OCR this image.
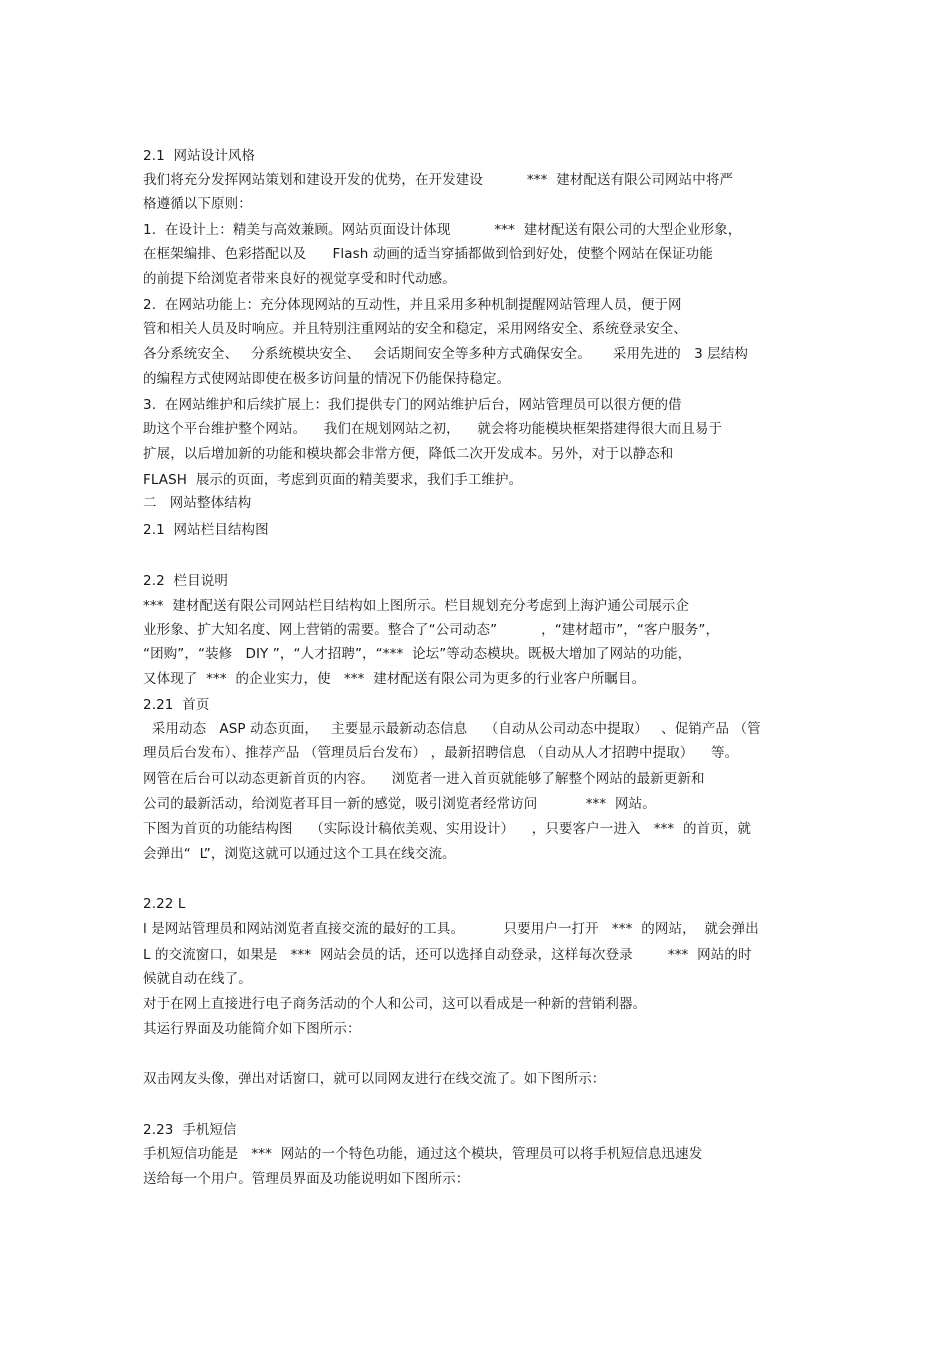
2.1  网站设计风格
我们将充分发挥网站策划和建设开发的优势，在开发建设          ***  建材配送有限公司网站中将严
格遵循以下原则：
1.  在设计上：精美与高效兼顾。网站页面设计体现          ***  建材配送有限公司的大型企业形象，
在框架编排、色彩搭配以及      Flash 动画的适当穿插都做到恰到好处，使整个网站在保证功能
的前提下给浏览者带来良好的视觉享受和时代动感。
2.  在网站功能上：充分体现网站的互动性，并且采用多种机制提醒网站管理人员，便于网
管和相关人员及时响应。并且特别注重网站的安全和稳定，采用网络安全、系统登录安全、
各分系统安全、   分系统模块安全、   会话期间安全等多种方式确保安全。     采用先进的   3 层结构
的编程方式使网站即使在极多访问量的情况下仍能保持稳定。
3.  在网站维护和后续扩展上：我们提供专门的网站维护后台，网站管理员可以很方便的借
助这个平台维护整个网站。    我们在规划网站之初，    就会将功能模块框架搭建得很大而且易于
扩展，以后增加新的功能和模块都会非常方便，降低二次开发成本。另外，对于以静态和
FLASH  展示的页面，考虑到页面的精美要求，我们手工维护。
二   网站整体结构
2.1  网站栏目结构图
2.2  栏目说明
***  建材配送有限公司网站栏目结构如上图所示。栏目规划充分考虑到上海沪通公司展示企
业形象、扩大知名度、网上营销的需要。整合了“公司动态”          ，“建材超市”，“客户服务”，
“团购”，“装修   DIY ”，“人才招聘”，“***  论坛”等动态模块。既极大增加了网站的功能，
又体现了  ***  的企业实力，使   ***  建材配送有限公司为更多的行业客户所瞩目。
2.21  首页
采用动态   ASP 动态页面，   主要显示最新动态信息    （自动从公司动态中提取）   、促销产品 （管
理员后台发布）、推荐产品 （管理员后台发布） ，最新招聘信息 （自动从人才招聘中提取）    等。
网管在后台可以动态更新首页的内容。    浏览者一进入首页就能够了解整个网站的最新更新和
公司的最新活动，给浏览者耳目一新的感觉，吸引浏览者经常访问           ***  网站。
下图为首页的功能结构图    （实际设计稿依美观、实用设计）    ，只要客户一进入   ***  的首页，就
会弹出“  L”，浏览这就可以通过这个工具在线交流。
2.22 L
l 是网站管理员和网站浏览者直接交流的最好的工具。         只要用户一打开   ***  的网站，  就会弹出
L 的交流窗口，如果是   ***  网站会员的话，还可以选择自动登录，这样每次登录        ***  网站的时
候就自动在线了。
对于在网上直接进行电子商务活动的个人和公司，这可以看成是一种新的营销利器。
其运行界面及功能简介如下图所示：
双击网友头像，弹出对话窗口，就可以同网友进行在线交流了。如下图所示：
2.23  手机短信
手机短信功能是   ***  网站的一个特色功能，通过这个模块，管理员可以将手机短信息迅速发
送给每一个用户。管理员界面及功能说明如下图所示：
